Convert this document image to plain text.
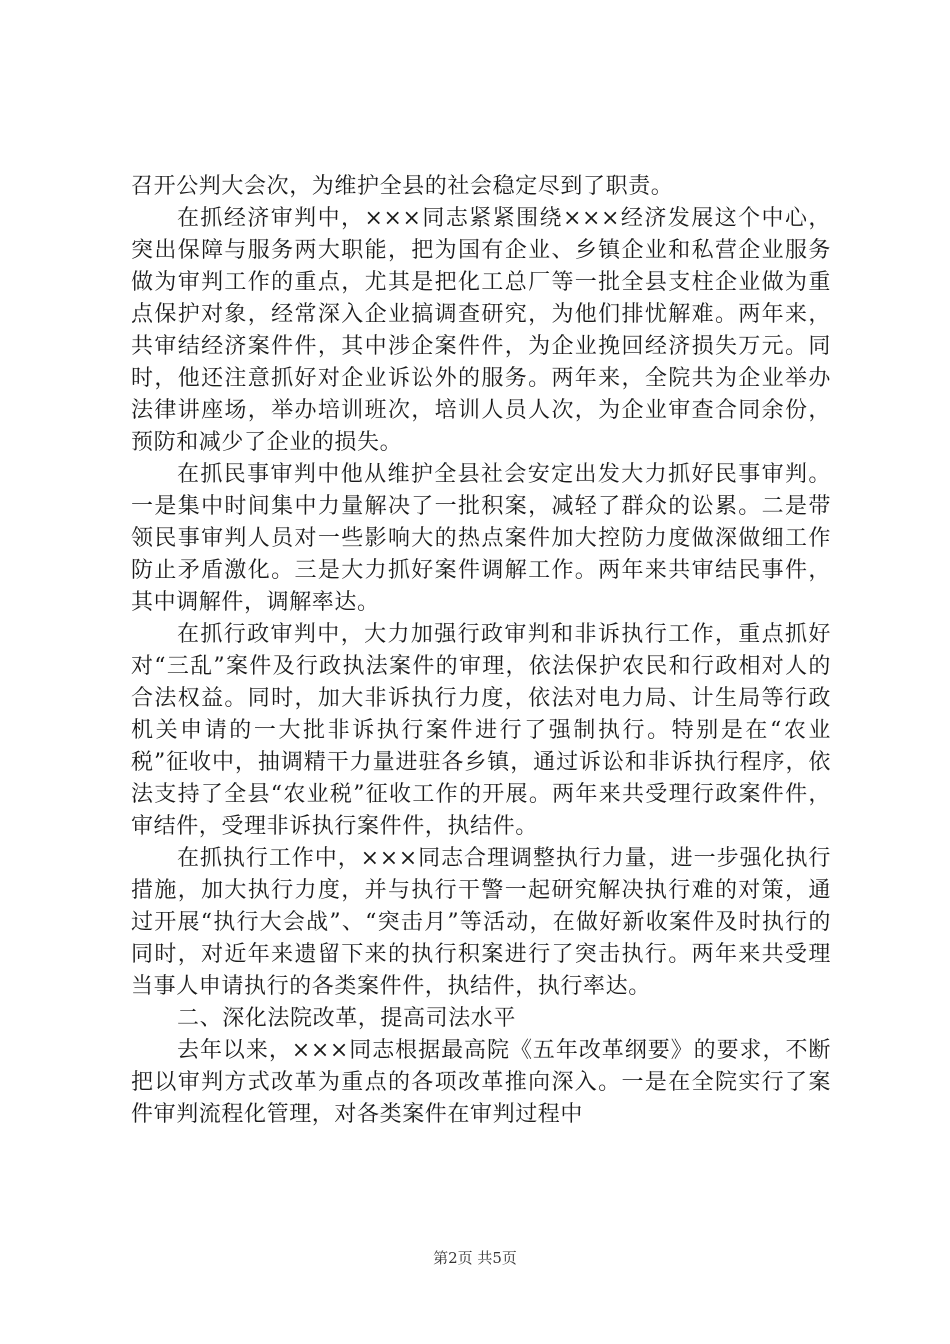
召开公判大会次，为维护全县的社会稳定尽到了职责。

在抓经济审判中，×××同志紧紧围绕×××经济发展这个中心，突出保障与服务两大职能，把为国有企业、乡镇企业和私营企业服务做为审判工作的重点，尤其是把化工总厂等一批全县支柱企业做为重点保护对象，经常深入企业搞调查研究，为他们排忧解难。两年来，共审结经济案件件，其中涉企案件件，为企业挽回经济损失万元。同时，他还注意抓好对企业诉讼外的服务。两年来，全院共为企业举办法律讲座场，举办培训班次，培训人员人次，为企业审查合同余份，预防和减少了企业的损失。

在抓民事审判中他从维护全县社会安定出发大力抓好民事审判。一是集中时间集中力量解决了一批积案，减轻了群众的讼累。二是带领民事审判人员对一些影响大的热点案件加大控防力度做深做细工作防止矛盾激化。三是大力抓好案件调解工作。两年来共审结民事件，其中调解件，调解率达。

在抓行政审判中，大力加强行政审判和非诉执行工作，重点抓好对“三乱”案件及行政执法案件的审理，依法保护农民和行政相对人的合法权益。同时，加大非诉执行力度，依法对电力局、计生局等行政机关申请的一大批非诉执行案件进行了强制执行。特别是在“农业税”征收中，抽调精干力量进驻各乡镇，通过诉讼和非诉执行程序，依法支持了全县“农业税”征收工作的开展。两年来共受理行政案件件，审结件，受理非诉执行案件件，执结件。

在抓执行工作中，×××同志合理调整执行力量，进一步强化执行措施，加大执行力度，并与执行干警一起研究解决执行难的对策，通过开展“执行大会战”、“突击月”等活动，在做好新收案件及时执行的同时，对近年来遗留下来的执行积案进行了突击执行。两年来共受理当事人申请执行的各类案件件，执结件，执行率达。

二、深化法院改革，提高司法水平

去年以来，×××同志根据最高院《五年改革纲要》的要求，不断把以审判方式改革为重点的各项改革推向深入。一是在全院实行了案件审判流程化管理，对各类案件在审判过程中

第2页 共5页
